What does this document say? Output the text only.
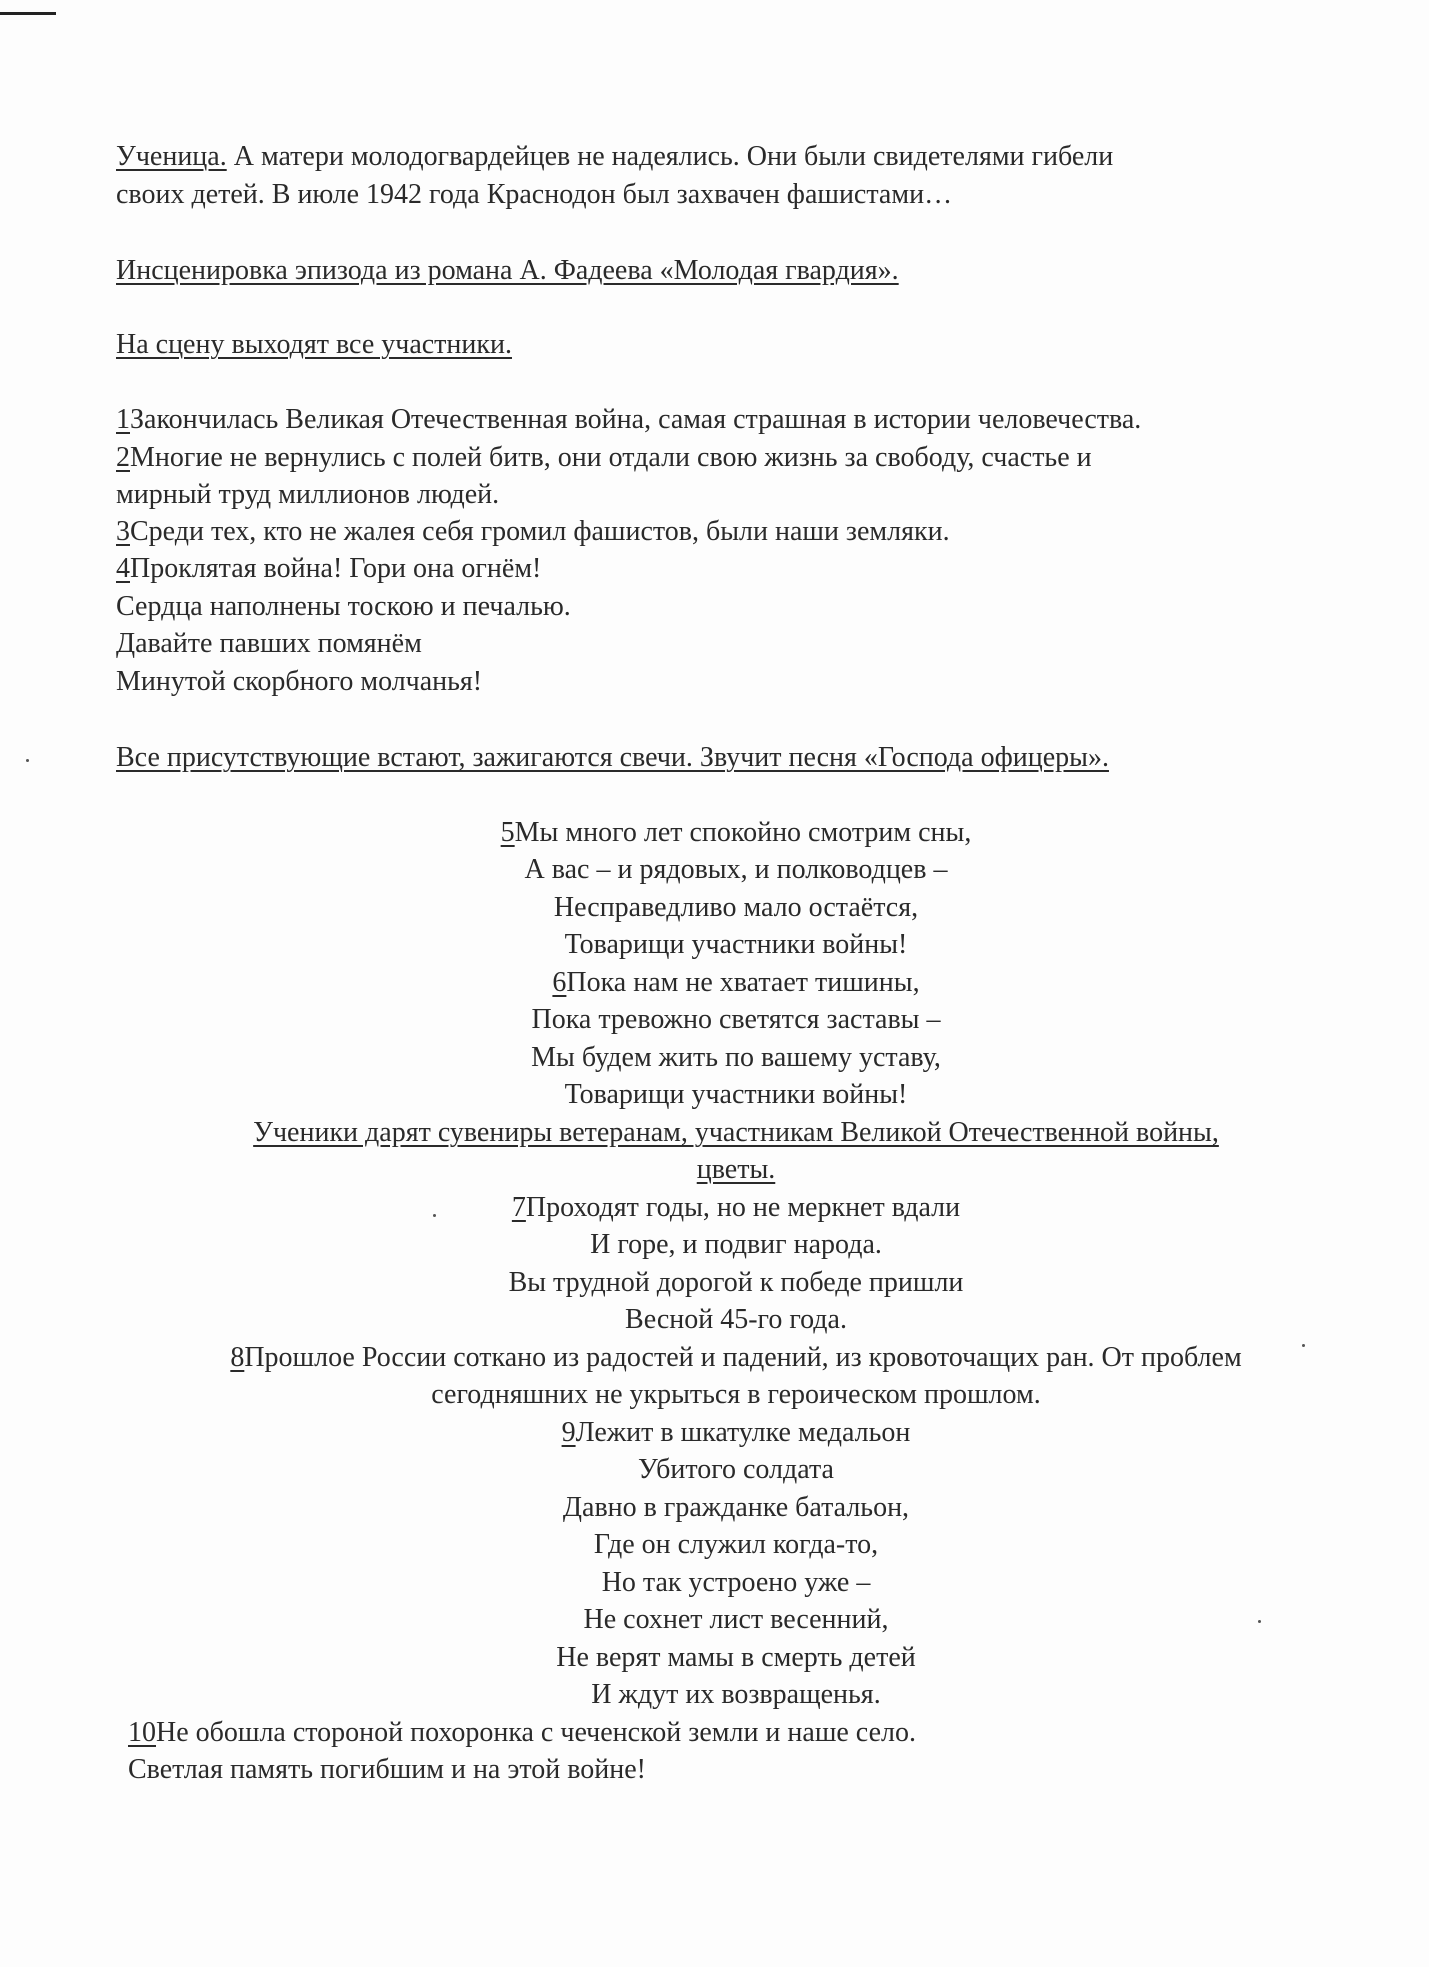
Ученица. А матери молодогвардейцев не надеялись. Они были свидетелями гибели
своих детей. В июле 1942 года Краснодон был захвачен фашистами…
Инсценировка эпизода из романа А. Фадеева «Молодая гвардия».
На сцену выходят все участники.
1Закончилась Великая Отечественная война, самая страшная в истории человечества.
2Многие не вернулись с полей битв, они отдали свою жизнь за свободу, счастье и
мирный труд миллионов людей.
3Среди тех, кто не жалея себя громил фашистов, были наши земляки.
4Проклятая война! Гори она огнём!
Сердца наполнены тоскою и печалью.
Давайте павших помянём
Минутой скорбного молчанья!
Все присутствующие встают, зажигаются свечи. Звучит песня «Господа офицеры».
5Мы много лет спокойно смотрим сны,
А вас – и рядовых, и полководцев –
Несправедливо мало остаётся,
Товарищи участники войны!
6Пока нам не хватает тишины,
Пока тревожно светятся заставы –
Мы будем жить по вашему уставу,
Товарищи участники войны!
Ученики дарят сувениры ветеранам, участникам Великой Отечественной войны,
цветы.
7Проходят годы, но не меркнет вдали
И горе, и подвиг народа.
Вы трудной дорогой к победе пришли
Весной 45-го года.
8Прошлое России соткано из радостей и падений, из кровоточащих ран. От проблем
сегодняшних не укрыться в героическом прошлом.
9Лежит в шкатулке медальон
Убитого солдата
Давно в гражданке батальон,
Где он служил когда-то,
Но так устроено уже –
Не сохнет лист весенний,
Не верят мамы в смерть детей
И ждут их возвращенья.
10Не обошла стороной похоронка с чеченской земли и наше село.
Светлая память погибшим и на этой войне!
